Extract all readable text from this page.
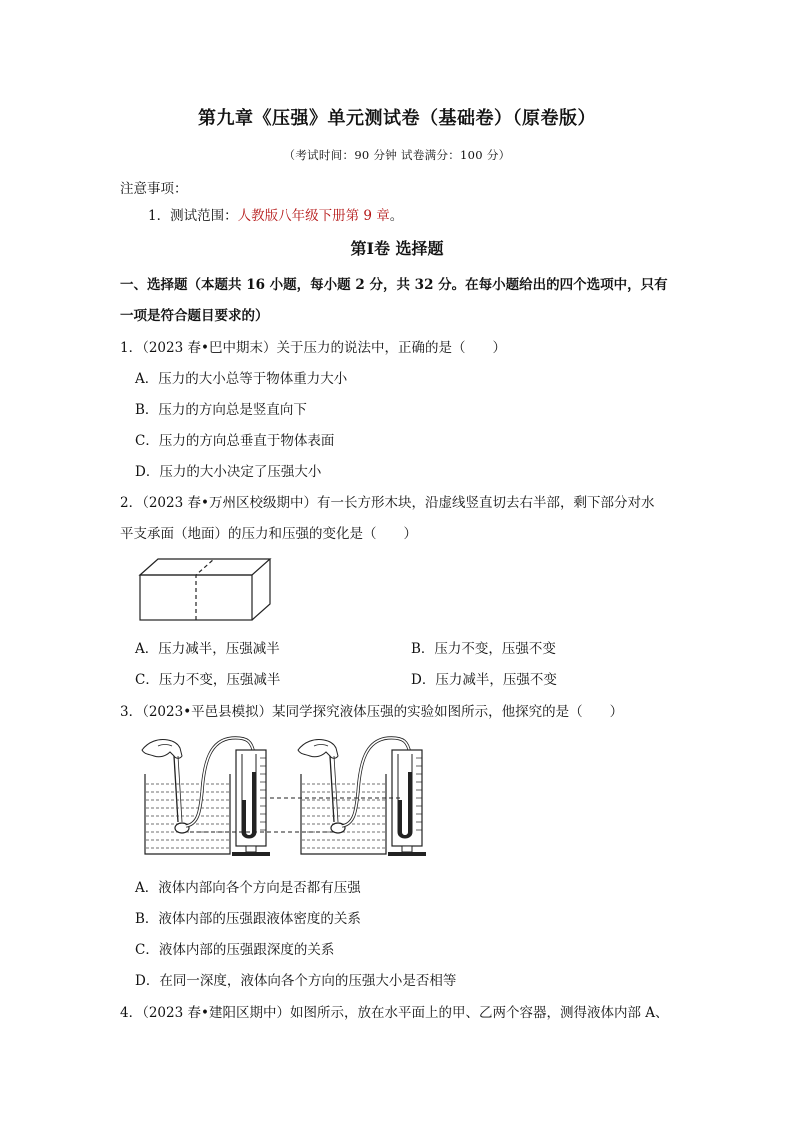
第九章《压强》单元测试卷（基础卷）（原卷版）
（考试时间：90 分钟 试卷满分：100 分）
注意事项：
1．测试范围：人教版八年级下册第 9 章。
第Ⅰ卷 选择题
一、选择题（本题共 16 小题，每小题 2 分，共 32 分。在每小题给出的四个选项中，只有
一项是符合题目要求的）
1．（2023 春•巴中期末）关于压力的说法中，正确的是（　　）
A．压力的大小总等于物体重力大小
B．压力的方向总是竖直向下
C．压力的方向总垂直于物体表面
D．压力的大小决定了压强大小
2．（2023 春•万州区校级期中）有一长方形木块，沿虚线竖直切去右半部，剩下部分对水
平支承面（地面）的压力和压强的变化是（　　）
A．压力减半，压强减半	B．压力不变，压强不变
C．压力不变，压强减半	D．压力减半，压强不变
3．（2023•平邑县模拟）某同学探究液体压强的实验如图所示，他探究的是（　　）
A．液体内部向各个方向是否都有压强
B．液体内部的压强跟液体密度的关系
C．液体内部的压强跟深度的关系
D．在同一深度，液体向各个方向的压强大小是否相等
4．（2023 春•建阳区期中）如图所示，放在水平面上的甲、乙两个容器，测得液体内部 A、
